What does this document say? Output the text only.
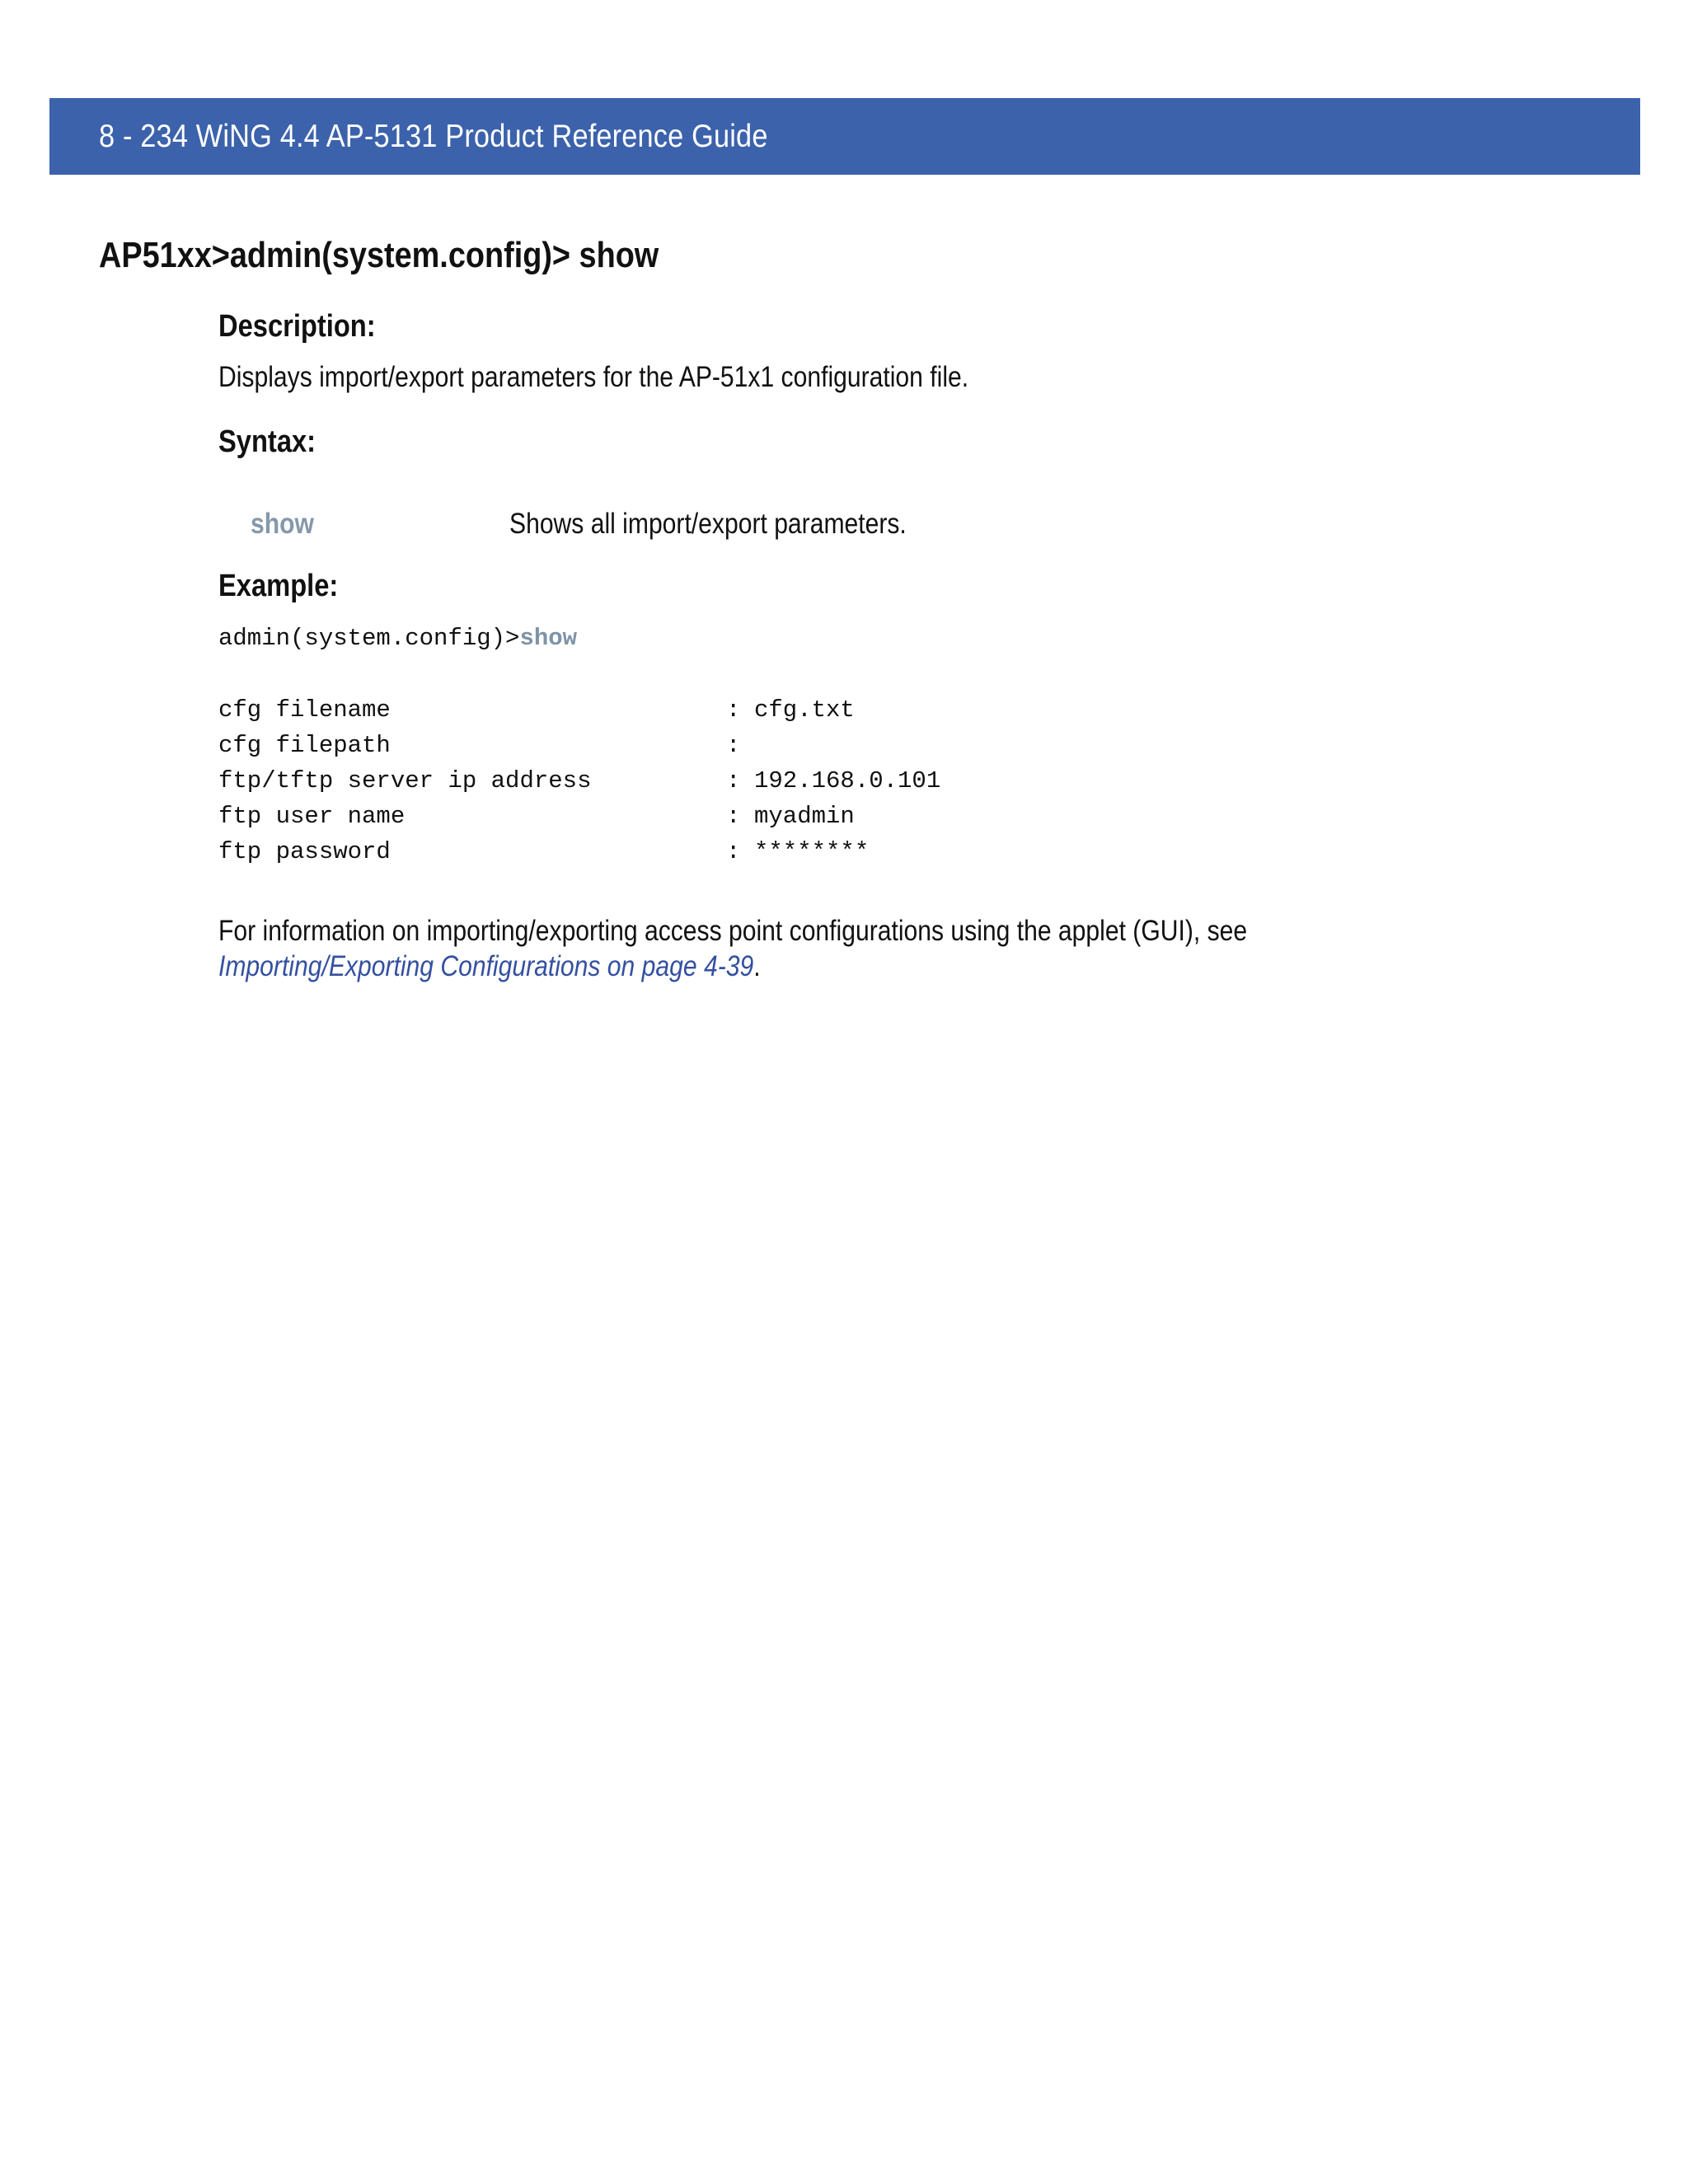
8 - 234 WiNG 4.4 AP-5131 Product Reference Guide
AP51xx>admin(system.config)> show
Description:
Displays import/export parameters for the AP-51x1 configuration file.
Syntax:
show	Shows all import/export parameters.
Example:
admin(system.config)>show
cfg filename	: cfg.txt
cfg filepath	:
ftp/tftp server ip address	: 192.168.0.101
ftp user name	: myadmin
ftp password	: ********
For information on importing/exporting access point configurations using the applet (GUI), see
Importing/Exporting Configurations on page 4-39.
